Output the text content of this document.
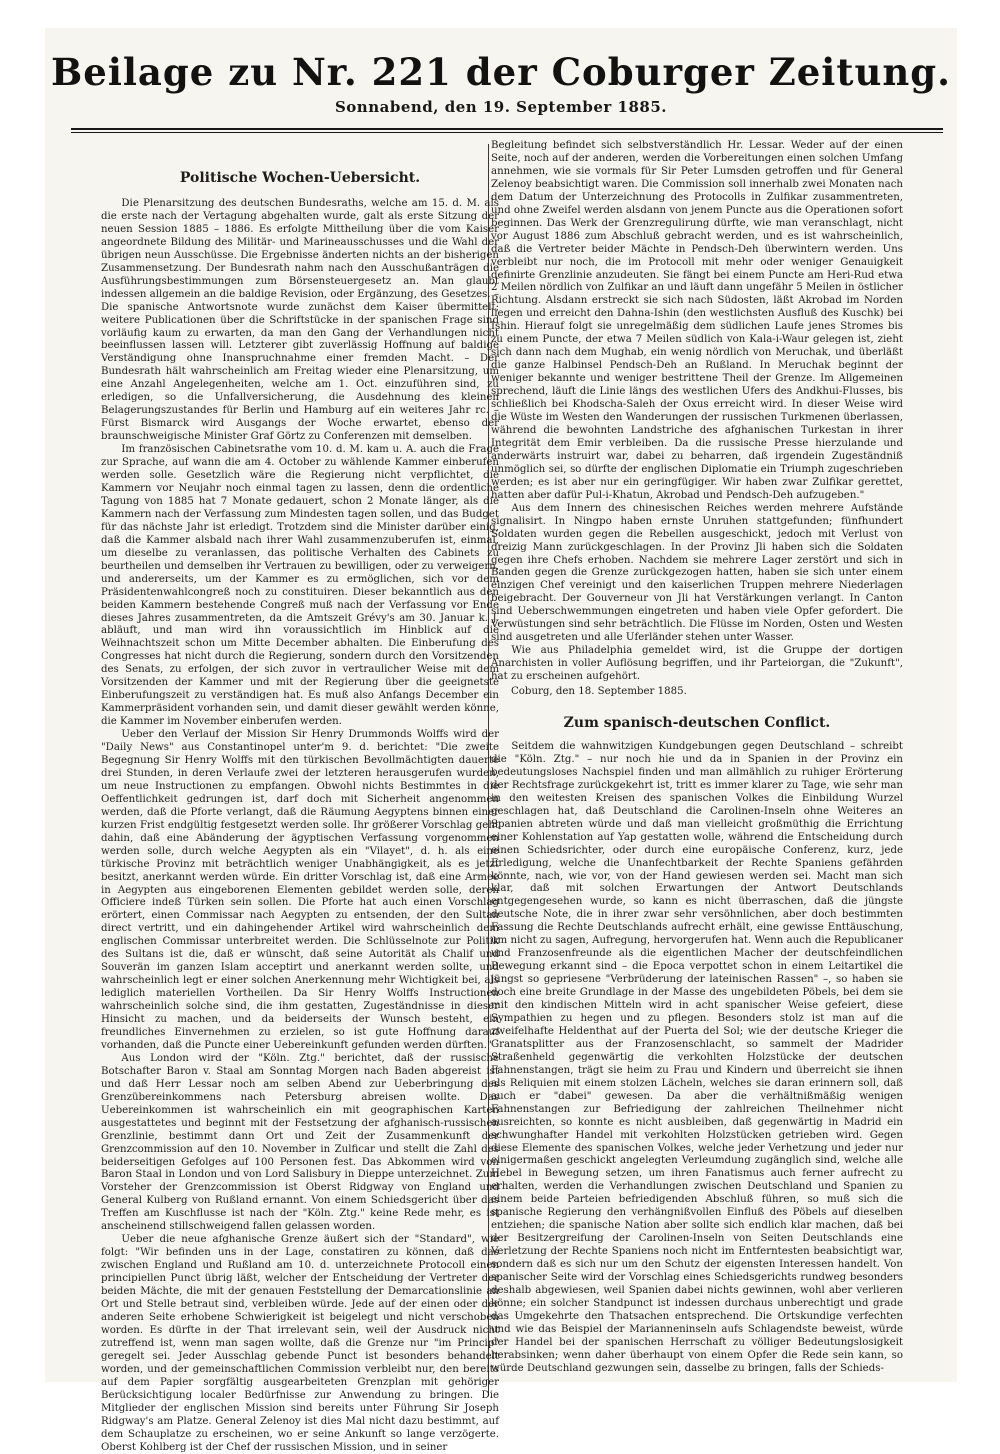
Beilage zu Nr. 221 der Coburger Zeitung.
Sonnabend, den 19. September 1885.
Politische Wochen-Uebersicht.

Die Plenarsitzung des deutschen Bundesraths, welche am 15. d. M. als die erste nach der Vertagung abgehalten wurde, galt als erste Sitzung der neuen Session 1885 – 1886. Es erfolgte Mittheilung über die vom Kaiser angeordnete Bildung des Militär- und Marineausschusses und die Wahl der übrigen neun Ausschüsse. Die Ergebnisse änderten nichts an der bisherigen Zusammensetzung. Der Bundesrath nahm nach den Ausschußanträgen die Ausführungsbestimmungen zum Börsensteuergesetz an. Man glaubt indessen allgemein an die baldige Revision, oder Ergänzung, des Gesetzes. – Die spanische Antwortsnote wurde zunächst dem Kaiser übermittelt; weitere Publicationen über die Schriftstücke in der spanischen Frage sind vorläufig kaum zu erwarten, da man den Gang der Verhandlungen nicht beeinflussen lassen will. Letzterer gibt zuverlässig Hoffnung auf baldige Verständigung ohne Inanspruchnahme einer fremden Macht. – Der Bundesrath hält wahrscheinlich am Freitag wieder eine Plenarsitzung, um eine Anzahl Angelegenheiten, welche am 1. Oct. einzuführen sind, zu erledigen, so die Unfallversicherung, die Ausdehnung des kleinen Belagerungszustandes für Berlin und Hamburg auf ein weiteres Jahr rc. – Fürst Bismarck wird Ausgangs der Woche erwartet, ebenso der braunschweigische Minister Graf Görtz zu Conferenzen mit demselben.

Im französischen Cabinetsrathe vom 10. d. M. kam u. A. auch die Frage zur Sprache, auf wann die am 4. October zu wählende Kammer einberufen werden solle. Gesetzlich wäre die Regierung nicht verpflichtet, die Kammern vor Neujahr noch einmal tagen zu lassen, denn die ordentliche Tagung von 1885 hat 7 Monate gedauert, schon 2 Monate länger, als die Kammern nach der Verfassung zum Mindesten tagen sollen, und das Budget für das nächste Jahr ist erledigt. Trotzdem sind die Minister darüber einig, daß die Kammer alsbald nach ihrer Wahl zusammenzuberufen ist, einmal, um dieselbe zu veranlassen, das politische Verhalten des Cabinets zu beurtheilen und demselben ihr Vertrauen zu bewilligen, oder zu verweigern, und andererseits, um der Kammer es zu ermöglichen, sich vor dem Präsidentenwahlcongreß noch zu constituiren. Dieser bekanntlich aus den beiden Kammern bestehende Congreß muß nach der Verfassung vor Ende dieses Jahres zusammentreten, da die Amtszeit Grévy's am 30. Januar k. J. abläuft, und man wird ihn voraussichtlich im Hinblick auf die Weihnachtszeit schon um Mitte December abhalten. Die Einberufung des Congresses hat nicht durch die Regierung, sondern durch den Vorsitzenden des Senats, zu erfolgen, der sich zuvor in vertraulicher Weise mit dem Vorsitzenden der Kammer und mit der Regierung über die geeignetste Einberufungszeit zu verständigen hat. Es muß also Anfangs December ein Kammerpräsident vorhanden sein, und damit dieser gewählt werden könne, die Kammer im November einberufen werden.

Ueber den Verlauf der Mission Sir Henry Drummonds Wolffs wird der "Daily News" aus Constantinopel unter'm 9. d. berichtet: "Die zweite Begegnung Sir Henry Wolffs mit den türkischen Bevollmächtigten dauerte drei Stunden, in deren Verlaufe zwei der letzteren herausgerufen wurden, um neue Instructionen zu empfangen. Obwohl nichts Bestimmtes in die Oeffentlichkeit gedrungen ist, darf doch mit Sicherheit angenommen werden, daß die Pforte verlangt, daß die Räumung Aegyptens binnen einer kurzen Frist endgültig festgesetzt werden solle. Ihr größerer Vorschlag geht dahin, daß eine Abänderung der ägyptischen Verfassung vorgenommen werden solle, durch welche Aegypten als ein "Vilayet", d. h. als eine türkische Provinz mit beträchtlich weniger Unabhängigkeit, als es jetzt besitzt, anerkannt werden würde. Ein dritter Vorschlag ist, daß eine Armee in Aegypten aus eingeborenen Elementen gebildet werden solle, deren Officiere indeß Türken sein sollen. Die Pforte hat auch einen Vorschlag erörtert, einen Commissar nach Aegypten zu entsenden, der den Sultan direct vertritt, und ein dahingehender Artikel wird wahrscheinlich dem englischen Commissar unterbreitet werden. Die Schlüsselnote zur Politik des Sultans ist die, daß er wünscht, daß seine Autorität als Chalif und Souverän im ganzen Islam acceptirt und anerkannt werden sollte, und wahrscheinlich legt er einer solchen Anerkennung mehr Wichtigkeit bei, als lediglich materiellen Vortheilen. Da Sir Henry Wolffs Instructionen wahrscheinlich solche sind, die ihm gestatten, Zugeständnisse in dieser Hinsicht zu machen, und da beiderseits der Wunsch besteht, ein freundliches Einvernehmen zu erzielen, so ist gute Hoffnung darauf vorhanden, daß die Puncte einer Uebereinkunft gefunden werden dürften."

Aus London wird der "Köln. Ztg." berichtet, daß der russische Botschafter Baron v. Staal am Sonntag Morgen nach Baden abgereist ist und daß Herr Lessar noch am selben Abend zur Ueberbringung des Grenzübereinkommens nach Petersburg abreisen wollte. Das Uebereinkommen ist wahrscheinlich ein mit geographischen Karten ausgestattetes und beginnt mit der Festsetzung der afghanisch-russischen Grenzlinie, bestimmt dann Ort und Zeit der Zusammenkunft der Grenzcommission auf den 10. November in Zulficar und stellt die Zahl des beiderseitigen Gefolges auf 100 Personen fest. Das Abkommen wird von Baron Staal in London und von Lord Salisbury in Dieppe unterzeichnet. Zum Vorsteher der Grenzcommission ist Oberst Ridgway von England und General Kulberg von Rußland ernannt. Von einem Schiedsgericht über das Treffen am Kuschflusse ist nach der "Köln. Ztg." keine Rede mehr, es ist anscheinend stillschweigend fallen gelassen worden.

Ueber die neue afghanische Grenze äußert sich der "Standard", wie folgt: "Wir befinden uns in der Lage, constatiren zu können, daß das zwischen England und Rußland am 10. d. unterzeichnete Protocoll einen principiellen Punct übrig läßt, welcher der Entscheidung der Vertreter der beiden Mächte, die mit der genauen Feststellung der Demarcationslinie an Ort und Stelle betraut sind, verbleiben würde. Jede auf der einen oder der anderen Seite erhobene Schwierigkeit ist beigelegt und nicht verschoben worden. Es dürfte in der That irrelevant sein, weil der Ausdruck nicht zutreffend ist, wenn man sagen wollte, daß die Grenze nur "im Princip" geregelt sei. Jeder Ausschlag gebende Punct ist besonders behandelt worden, und der gemeinschaftlichen Commission verbleibt nur, den bereits auf dem Papier sorgfältig ausgearbeiteten Grenzplan mit gehöriger Berücksichtigung localer Bedürfnisse zur Anwendung zu bringen. Die Mitglieder der englischen Mission sind bereits unter Führung Sir Joseph Ridgway's am Platze. General Zelenoy ist dies Mal nicht dazu bestimmt, auf dem Schauplatze zu erscheinen, wo er seine Ankunft so lange verzögerte. Oberst Kohlberg ist der Chef der russischen Mission, und in seiner

Begleitung befindet sich selbstverständlich Hr. Lessar. Weder auf der einen Seite, noch auf der anderen, werden die Vorbereitungen einen solchen Umfang annehmen, wie sie vormals für Sir Peter Lumsden getroffen und für General Zelenoy beabsichtigt waren. Die Commission soll innerhalb zwei Monaten nach dem Datum der Unterzeichnung des Protocolls in Zulfikar zusammentreten, und ohne Zweifel werden alsdann von jenem Puncte aus die Operationen sofort beginnen. Das Werk der Grenzregulirung dürfte, wie man veranschlagt, nicht vor August 1886 zum Abschluß gebracht werden, und es ist wahrscheinlich, daß die Vertreter beider Mächte in Pendsch-Deh überwintern werden. Uns verbleibt nur noch, die im Protocoll mit mehr oder weniger Genauigkeit definirte Grenzlinie anzudeuten. Sie fängt bei einem Puncte am Heri-Rud etwa 2 Meilen nördlich von Zulfikar an und läuft dann ungefähr 5 Meilen in östlicher Richtung. Alsdann erstreckt sie sich nach Südosten, läßt Akrobad im Norden liegen und erreicht den Dahna-Ishin (den westlichsten Ausfluß des Kuschk) bei Ishin. Hierauf folgt sie unregelmäßig dem südlichen Laufe jenes Stromes bis zu einem Puncte, der etwa 7 Meilen südlich von Kala-i-Waur gelegen ist, zieht sich dann nach dem Mughab, ein wenig nördlich von Meruchak, und überläßt die ganze Halbinsel Pendsch-Deh an Rußland. In Meruchak beginnt der weniger bekannte und weniger bestrittene Theil der Grenze. Im Allgemeinen sprechend, läuft die Linie längs des westlichen Ufers des Andkhui-Flusses, bis schließlich bei Khodscha-Saleh der Oxus erreicht wird. In dieser Weise wird die Wüste im Westen den Wanderungen der russischen Turkmenen überlassen, während die bewohnten Landstriche des afghanischen Turkestan in ihrer Integrität dem Emir verbleiben. Da die russische Presse hierzulande und anderwärts instruirt war, dabei zu beharren, daß irgendein Zugeständniß unmöglich sei, so dürfte der englischen Diplomatie ein Triumph zugeschrieben werden; es ist aber nur ein geringfügiger. Wir haben zwar Zulfikar gerettet, hatten aber dafür Pul-i-Khatun, Akrobad und Pendsch-Deh aufzugeben."

Aus dem Innern des chinesischen Reiches werden mehrere Aufstände signalisirt. In Ningpo haben ernste Unruhen stattgefunden; fünfhundert Soldaten wurden gegen die Rebellen ausgeschickt, jedoch mit Verlust von dreizig Mann zurückgeschlagen. In der Provinz Jli haben sich die Soldaten gegen ihre Chefs erhoben. Nachdem sie mehrere Lager zerstört und sich in Banden gegen die Grenze zurückgezogen hatten, haben sie sich unter einem einzigen Chef vereinigt und den kaiserlichen Truppen mehrere Niederlagen beigebracht. Der Gouverneur von Jli hat Verstärkungen verlangt. In Canton sind Ueberschwemmungen eingetreten und haben viele Opfer gefordert. Die Verwüstungen sind sehr beträchtlich. Die Flüsse im Norden, Osten und Westen sind ausgetreten und alle Uferländer stehen unter Wasser.

Wie aus Philadelphia gemeldet wird, ist die Gruppe der dortigen Anarchisten in voller Auflösung begriffen, und ihr Parteiorgan, die "Zukunft", hat zu erscheinen aufgehört.

Coburg, den 18. September 1885.

Zum spanisch-deutschen Conflict.

Seitdem die wahnwitzigen Kundgebungen gegen Deutschland – schreibt die "Köln. Ztg." – nur noch hie und da in Spanien in der Provinz ein bedeutungsloses Nachspiel finden und man allmählich zu ruhiger Erörterung der Rechtsfrage zurückgekehrt ist, tritt es immer klarer zu Tage, wie sehr man in den weitesten Kreisen des spanischen Volkes die Einbildung Wurzel geschlagen hat, daß Deutschland die Carolinen-Inseln ohne Weiteres an Spanien abtreten würde und daß man vielleicht großmüthig die Errichtung einer Kohlenstation auf Yap gestatten wolle, während die Entscheidung durch einen Schiedsrichter, oder durch eine europäische Conferenz, kurz, jede Erledigung, welche die Unanfechtbarkeit der Rechte Spaniens gefährden könnte, nach, wie vor, von der Hand gewiesen werden sei. Macht man sich klar, daß mit solchen Erwartungen der Antwort Deutschlands entgegengesehen wurde, so kann es nicht überraschen, daß die jüngste deutsche Note, die in ihrer zwar sehr versöhnlichen, aber doch bestimmten Fassung die Rechte Deutschlands aufrecht erhält, eine gewisse Enttäuschung, um nicht zu sagen, Aufregung, hervorgerufen hat. Wenn auch die Republicaner und Franzosenfreunde als die eigentlichen Macher der deutschfeindlichen Bewegung erkannt sind – die Epoca verpottet schon in einem Leitartikel die jüngst so gepriesene "Verbrüderung der lateinischen Rassen" –, so haben sie doch eine breite Grundlage in der Masse des ungebildeten Pöbels, bei dem sie mit den kindischen Mitteln wird in acht spanischer Weise gefeiert, diese Sympathien zu hegen und zu pflegen. Besonders stolz ist man auf die zweifelhafte Heldenthat auf der Puerta del Sol; wie der deutsche Krieger die Granatsplitter aus der Franzosenschlacht, so sammelt der Madrider Straßenheld gegenwärtig die verkohlten Holzstücke der deutschen Fahnenstangen, trägt sie heim zu Frau und Kindern und überreicht sie ihnen als Reliquien mit einem stolzen Lächeln, welches sie daran erinnern soll, daß auch er "dabei" gewesen. Da aber die verhältnißmäßig wenigen Fahnenstangen zur Befriedigung der zahlreichen Theilnehmer nicht ausreichten, so konnte es nicht ausbleiben, daß gegenwärtig in Madrid ein schwunghafter Handel mit verkohlten Holzstücken getrieben wird. Gegen diese Elemente des spanischen Volkes, welche jeder Verhetzung und jeder nur einigermaßen geschickt angelegten Verleumdung zugänglich sind, welche alle Hebel in Bewegung setzen, um ihren Fanatismus auch ferner aufrecht zu erhalten, werden die Verhandlungen zwischen Deutschland und Spanien zu einem beide Parteien befriedigenden Abschluß führen, so muß sich die spanische Regierung den verhängnißvollen Einfluß des Pöbels auf dieselben entziehen; die spanische Nation aber sollte sich endlich klar machen, daß bei der Besitzergreifung der Carolinen-Inseln von Seiten Deutschlands eine Verletzung der Rechte Spaniens noch nicht im Entferntesten beabsichtigt war, sondern daß es sich nur um den Schutz der eigensten Interessen handelt. Von spanischer Seite wird der Vorschlag eines Schiedsgerichts rundweg besonders deshalb abgewiesen, weil Spanien dabei nichts gewinnen, wohl aber verlieren könne; ein solcher Standpunct ist indessen durchaus unberechtigt und grade das Umgekehrte den Thatsachen entsprechend. Die Ortskundige verfechten und wie das Beispiel der Marianneninseln aufs Schlagendste beweist, würde der Handel bei der spanischen Herrschaft zu völliger Bedeutungslosigkeit herabsinken; wenn daher überhaupt von einem Opfer die Rede sein kann, so würde Deutschland gezwungen sein, dasselbe zu bringen, falls der Schieds-
